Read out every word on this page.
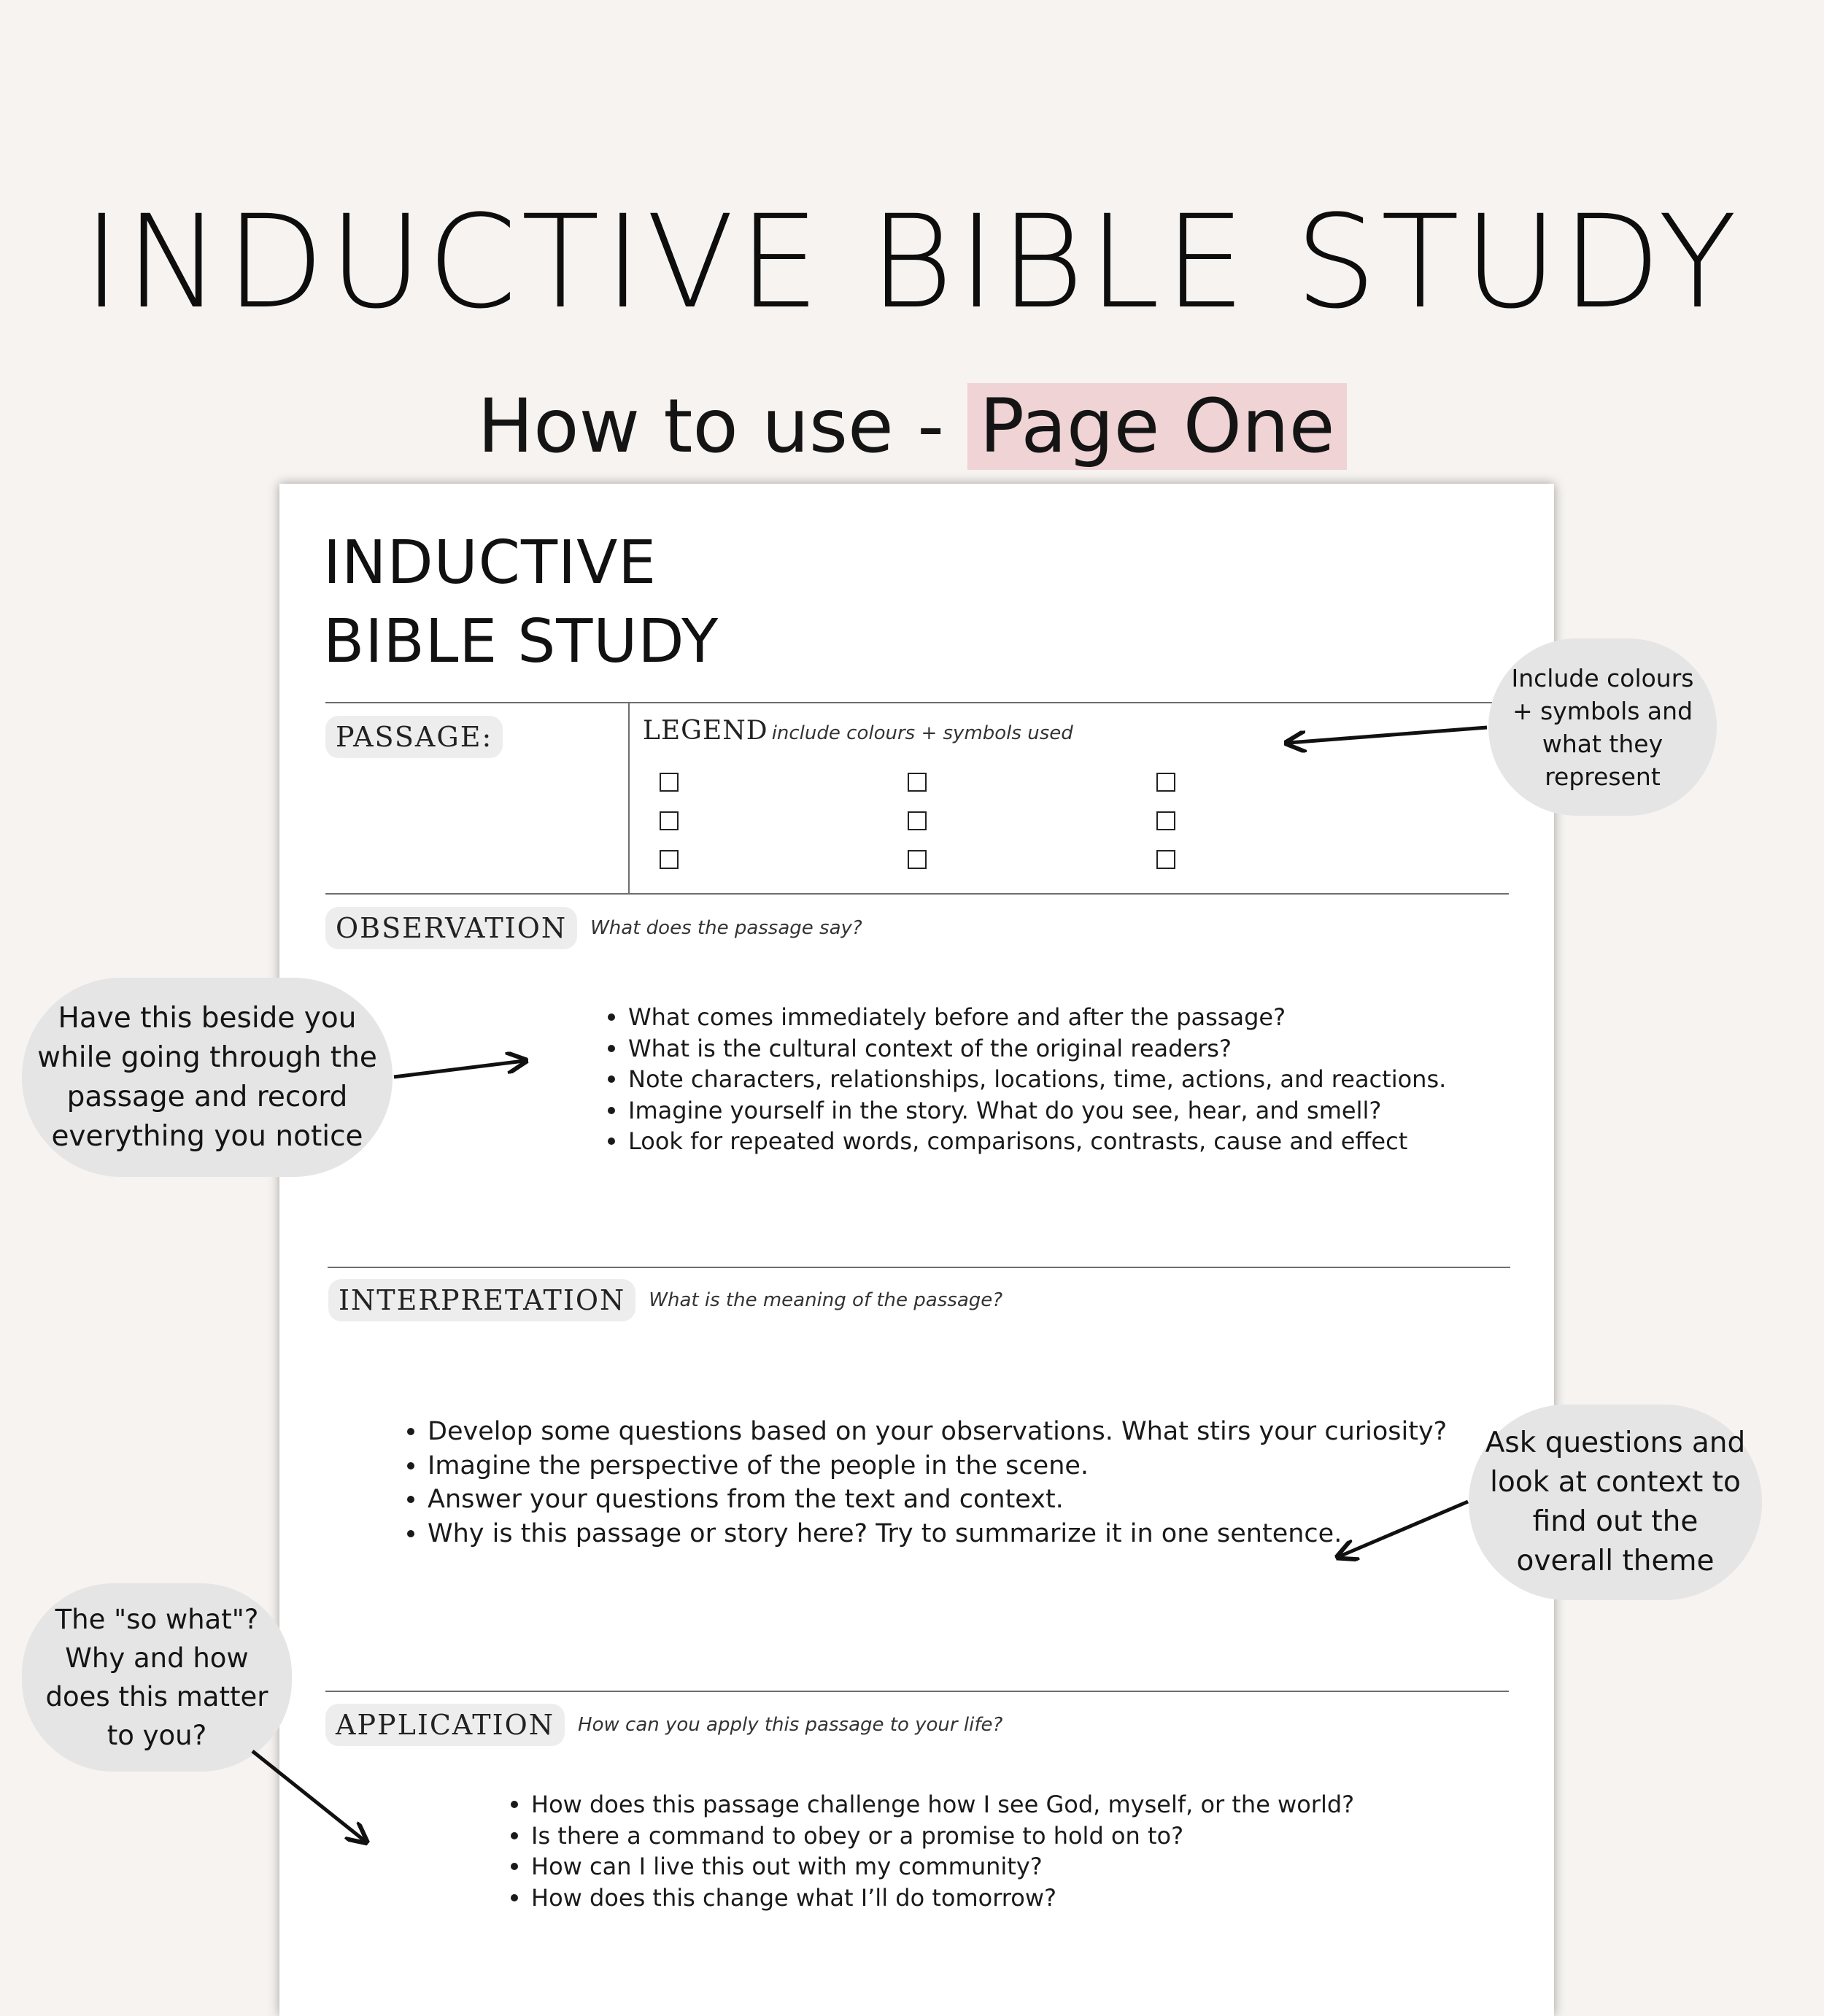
INDUCTIVE BIBLE STUDY
How to use - Page One
INDUCTIVE
BIBLE STUDY
PASSAGE:	LEGEND include colours + symbols used
OBSERVATION	What does the passage say?
What comes immediately before and after the passage?
What is the cultural context of the original readers?
Note characters, relationships, locations, time, actions, and reactions.
Imagine yourself in the story. What do you see, hear, and smell?
Look for repeated words, comparisons, contrasts, cause and effect
INTERPRETATION	What is the meaning of the passage?
Develop some questions based on your observations. What stirs your curiosity?
Imagine the perspective of the people in the scene.
Answer your questions from the text and context.
Why is this passage or story here? Try to summarize it in one sentence.
APPLICATION	How can you apply this passage to your life?
How does this passage challenge how I see God, myself, or the world?
Is there a command to obey or a promise to hold on to?
How can I live this out with my community?
How does this change what I’ll do tomorrow?
Include colours
+ symbols and
what they
represent
Have this beside you
while going through the
passage and record
everything you notice
Ask questions and
look at context to
find out the
overall theme
The "so what"?
Why and how
does this matter
to you?
